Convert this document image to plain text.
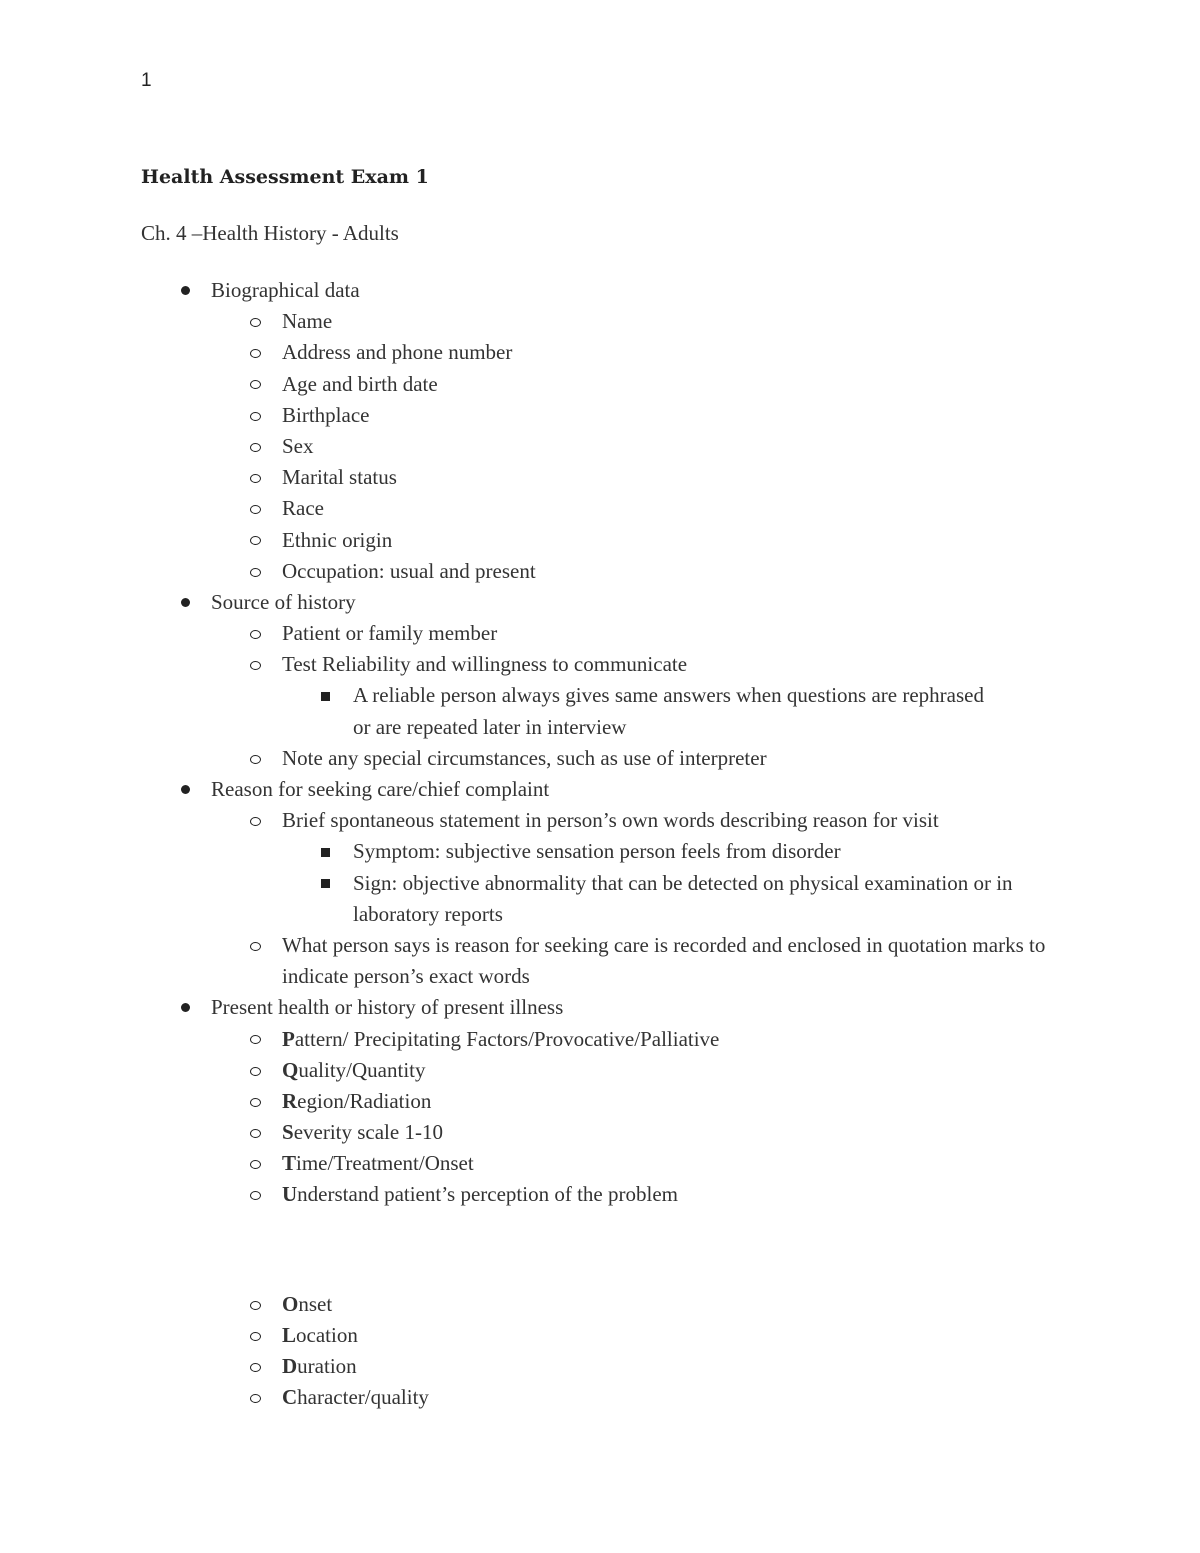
1
Health Assessment Exam 1
Ch. 4 –Health History - Adults
Biographical data
Name
Address and phone number
Age and birth date
Birthplace
Sex
Marital status
Race
Ethnic origin
Occupation: usual and present
Source of history
Patient or family member
Test Reliability and willingness to communicate
A reliable person always gives same answers when questions are rephrased or are repeated later in interview
Note any special circumstances, such as use of interpreter
Reason for seeking care/chief complaint
Brief spontaneous statement in person’s own words describing reason for visit
Symptom: subjective sensation person feels from disorder
Sign: objective abnormality that can be detected on physical examination or in laboratory reports
What person says is reason for seeking care is recorded and enclosed in quotation marks to indicate person’s exact words
Present health or history of present illness
Pattern/ Precipitating Factors/Provocative/Palliative
Quality/Quantity
Region/Radiation
Severity scale 1-10
Time/Treatment/Onset
Understand patient’s perception of the problem
Onset
Location
Duration
Character/quality
